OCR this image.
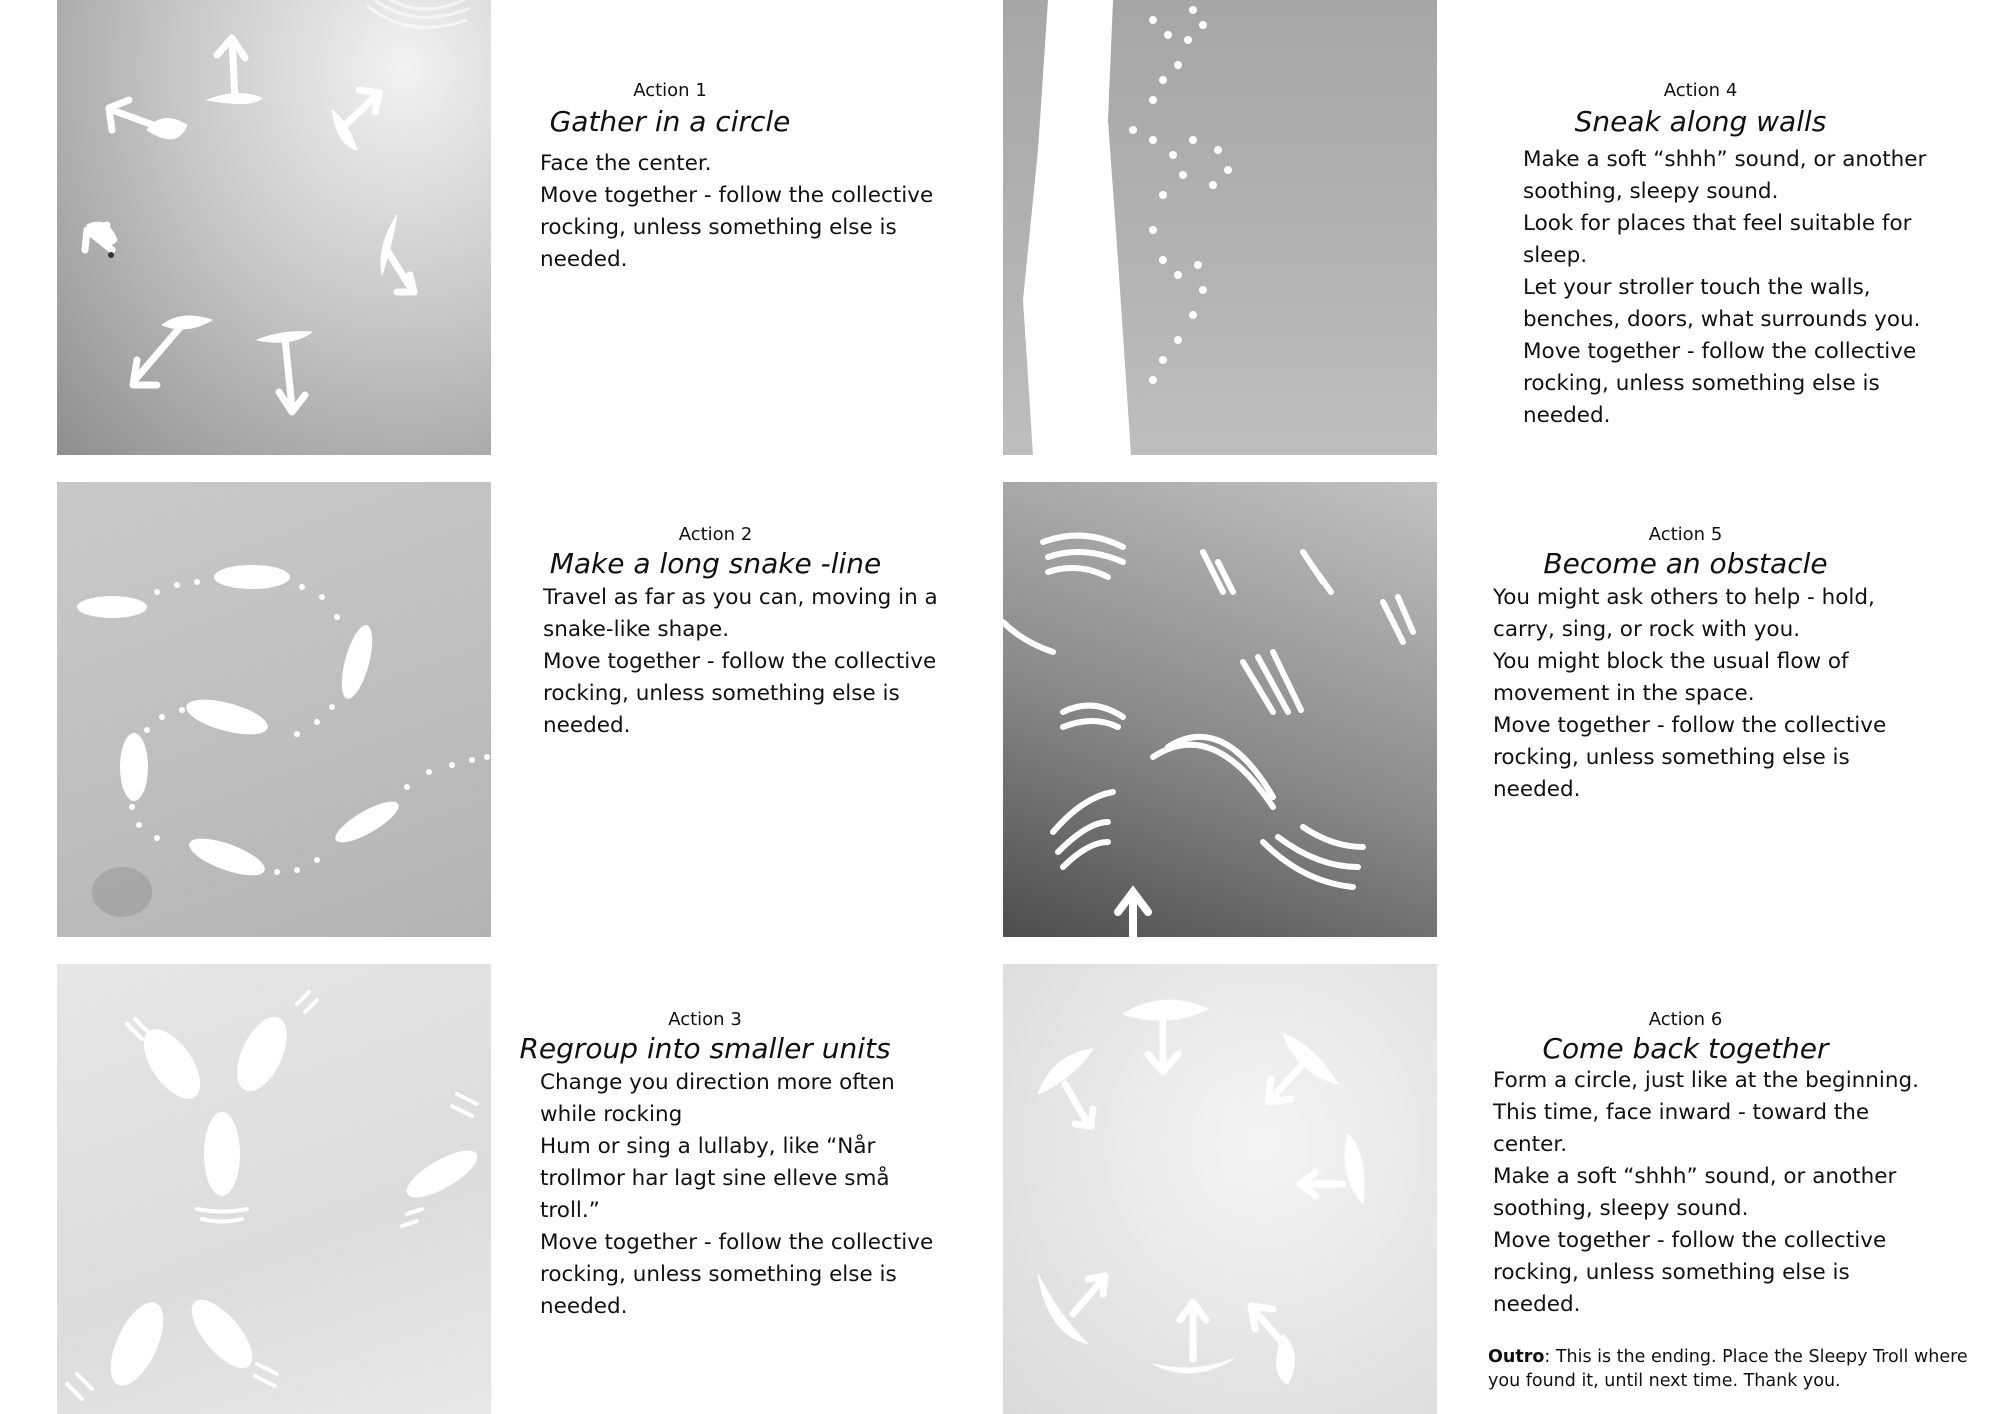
Action 1

Gather in a circle

Face the center.

Move together - follow the collective rocking, unless something else is needed.

Action 2

Make a long snake -line

Travel as far as you can, moving in a snake-like shape.

Move together - follow the collective rocking, unless something else is needed.

Action 3

Regroup into smaller units

Change you direction more often while rocking

Hum or sing a lullaby, like “Når trollmor har lagt sine elleve små troll.”

Move together - follow the collective rocking, unless something else is needed.

Action 4

Sneak along walls

Make a soft “shhh” sound, or another soothing, sleepy sound.

Look for places that feel suitable for sleep.

Let your stroller touch the walls, benches, doors, what surrounds you.

Move together - follow the collective rocking, unless something else is needed.

Action 5

Become an obstacle

You might ask others to help - hold, carry, sing, or rock with you.

You might block the usual flow of movement in the space.

Move together - follow the collective rocking, unless something else is needed.

Action 6

Come back together

Form a circle, just like at the beginning.

This time, face inward - toward the center.

Make a soft “shhh” sound, or another soothing, sleepy sound.

Move together - follow the collective rocking, unless something else is needed.

Outro: This is the ending. Place the Sleepy Troll where you found it, until next time. Thank you.
